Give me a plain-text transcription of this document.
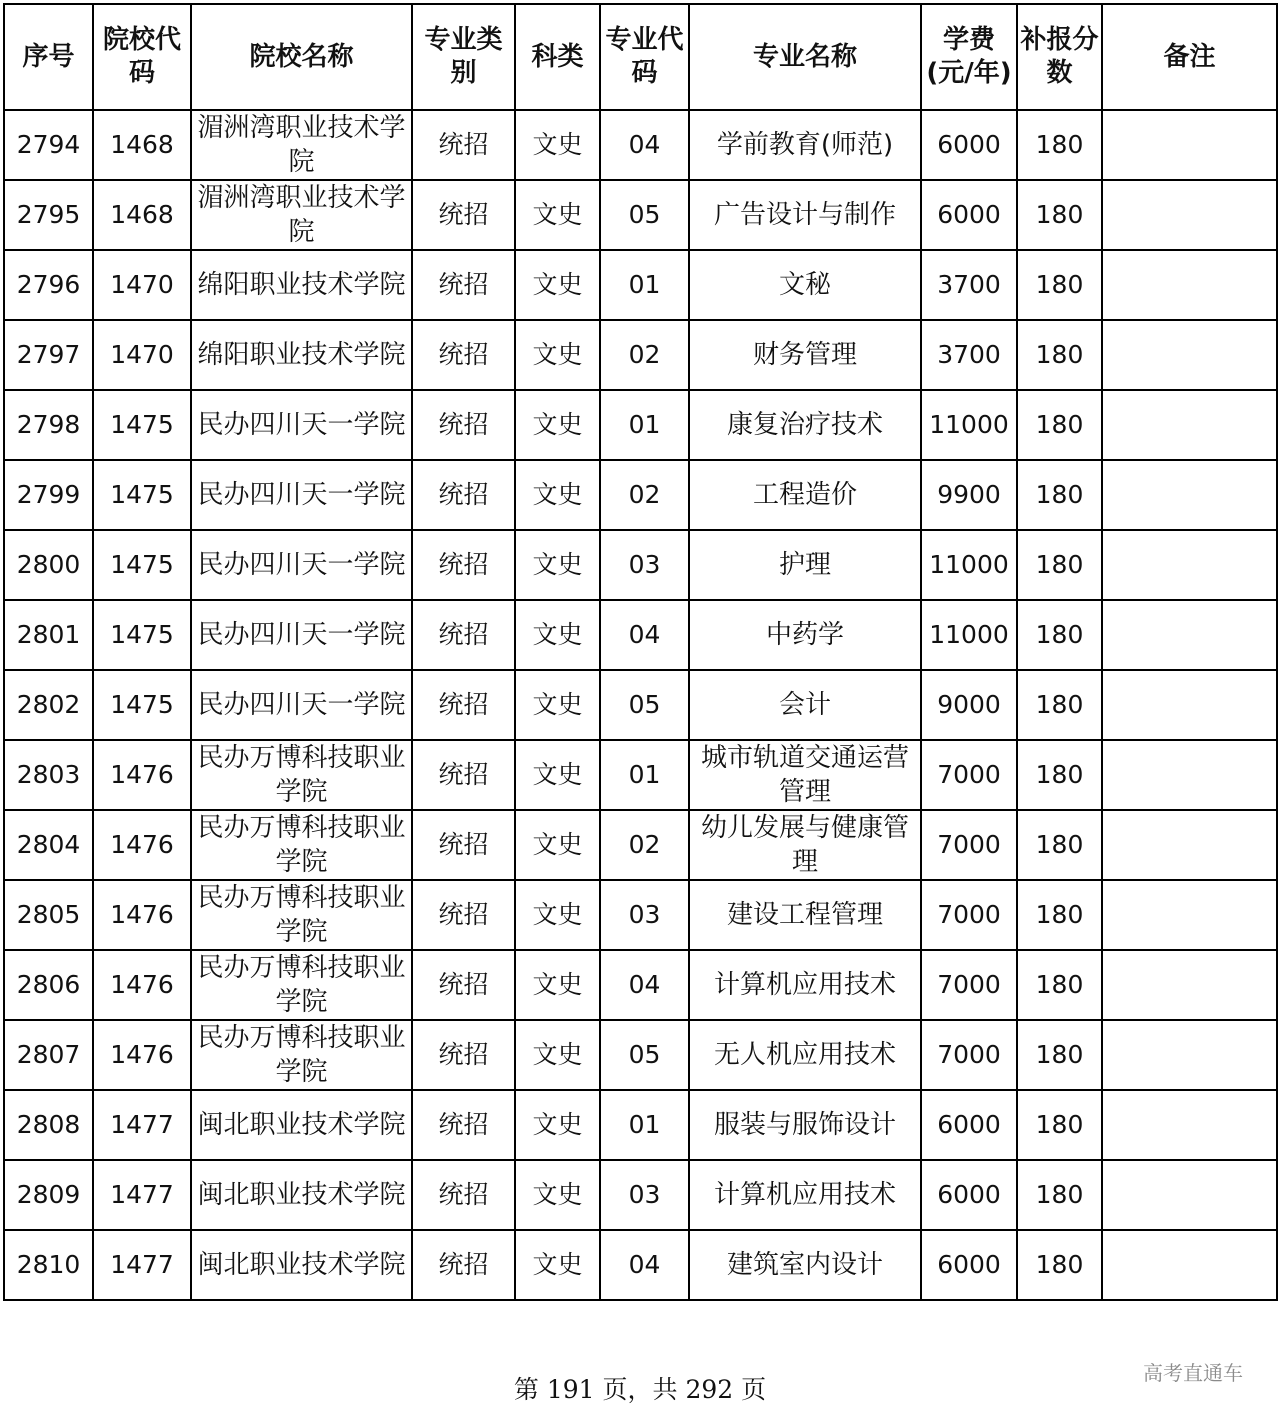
序号	院校代码	院校名称	专业类别	科类	专业代码	专业名称	学费(元/年)	补报分数	备注
2794	1468	湄洲湾职业技术学院	统招	文史	04	学前教育(师范)	6000	180	
2795	1468	湄洲湾职业技术学院	统招	文史	05	广告设计与制作	6000	180	
2796	1470	绵阳职业技术学院	统招	文史	01	文秘	3700	180	
2797	1470	绵阳职业技术学院	统招	文史	02	财务管理	3700	180	
2798	1475	民办四川天一学院	统招	文史	01	康复治疗技术	11000	180	
2799	1475	民办四川天一学院	统招	文史	02	工程造价	9900	180	
2800	1475	民办四川天一学院	统招	文史	03	护理	11000	180	
2801	1475	民办四川天一学院	统招	文史	04	中药学	11000	180	
2802	1475	民办四川天一学院	统招	文史	05	会计	9000	180	
2803	1476	民办万博科技职业学院	统招	文史	01	城市轨道交通运营管理	7000	180	
2804	1476	民办万博科技职业学院	统招	文史	02	幼儿发展与健康管理	7000	180	
2805	1476	民办万博科技职业学院	统招	文史	03	建设工程管理	7000	180	
2806	1476	民办万博科技职业学院	统招	文史	04	计算机应用技术	7000	180	
2807	1476	民办万博科技职业学院	统招	文史	05	无人机应用技术	7000	180	
2808	1477	闽北职业技术学院	统招	文史	01	服装与服饰设计	6000	180	
2809	1477	闽北职业技术学院	统招	文史	03	计算机应用技术	6000	180	
2810	1477	闽北职业技术学院	统招	文史	04	建筑室内设计	6000	180	
第 191 页，共 292 页
高考直通车
